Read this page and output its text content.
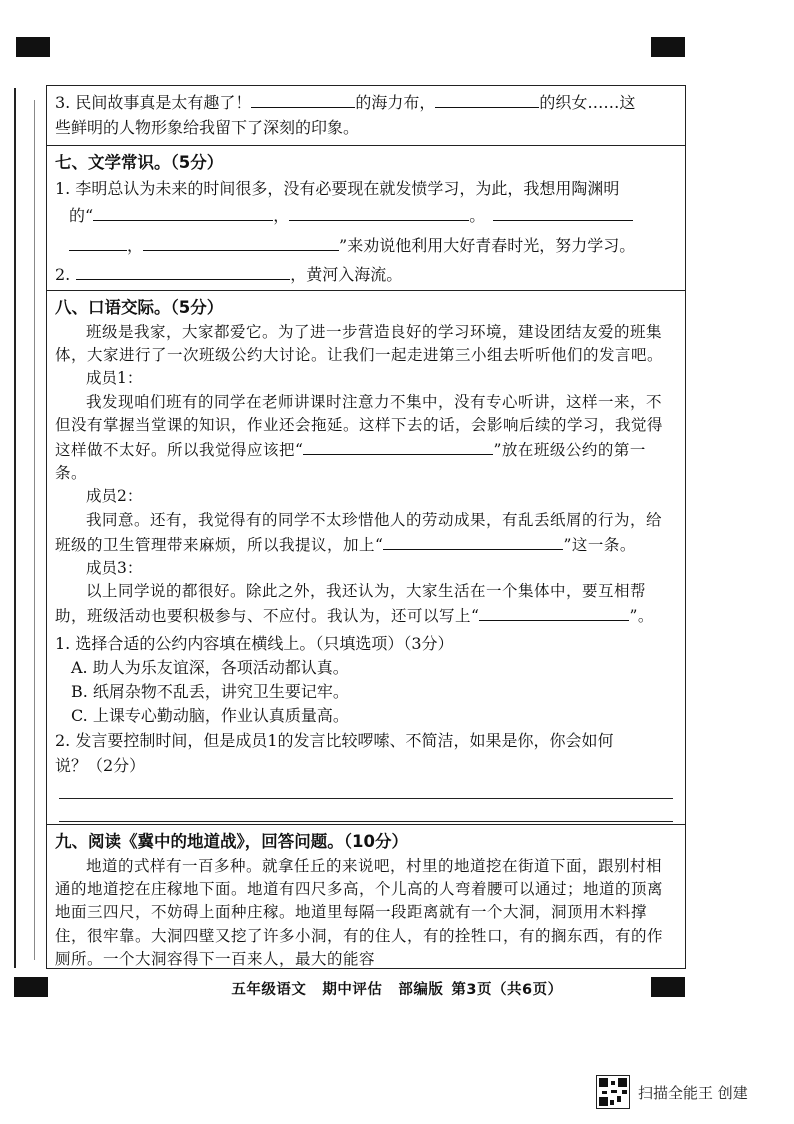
3. 民间故事真是太有趣了！	的海力布，	的织女……这
些鲜明的人物形象给我留下了深刻的印象。
七、文学常识。（5分）
1. 李明总认为未来的时间很多，没有必要现在就发愤学习，为此，我想用陶渊明
的“	，	。
，	”来劝说他利用大好青春时光，努力学习。
2.	，黄河入海流。
八、口语交际。（5分）
班级是我家，大家都爱它。为了进一步营造良好的学习环境，建设团结友爱的班集体，大家进行了一次班级公约大讨论。让我们一起走进第三小组去听听他们的发言吧。
成员1：
我发现咱们班有的同学在老师讲课时注意力不集中，没有专心听讲，这样一来，不但没有掌握当堂课的知识，作业还会拖延。这样下去的话，会影响后续的学习，我觉得这样做不太好。所以我觉得应该把“	”放在班级公约的第一条。
成员2：
我同意。还有，我觉得有的同学不太珍惜他人的劳动成果，有乱丢纸屑的行为，给班级的卫生管理带来麻烦，所以我提议，加上“	”这一条。
成员3：
以上同学说的都很好。除此之外，我还认为，大家生活在一个集体中，要互相帮助，班级活动也要积极参与、不应付。我认为，还可以写上“	”。
1. 选择合适的公约内容填在横线上。（只填选项）（3分）
A. 助人为乐友谊深，各项活动都认真。
B. 纸屑杂物不乱丢，讲究卫生要记牢。
C. 上课专心勤动脑，作业认真质量高。
2. 发言要控制时间，但是成员1的发言比较啰嗦、不简洁，如果是你，你会如何
说？（2分）
九、阅读《冀中的地道战》，回答问题。（10分）
地道的式样有一百多种。就拿任丘的来说吧，村里的地道挖在街道下面，跟别村相通的地道挖在庄稼地下面。地道有四尺多高，个儿高的人弯着腰可以通过；地道的顶离地面三四尺，不妨碍上面种庄稼。地道里每隔一段距离就有一个大洞，洞顶用木料撑住，很牢靠。大洞四壁又挖了许多小洞，有的住人，有的拴牲口，有的搁东西，有的作厕所。一个大洞容得下一百来人，最大的能容
五年级语文 期中评估 部编版 第3页（共6页）
扫描全能王 创建
